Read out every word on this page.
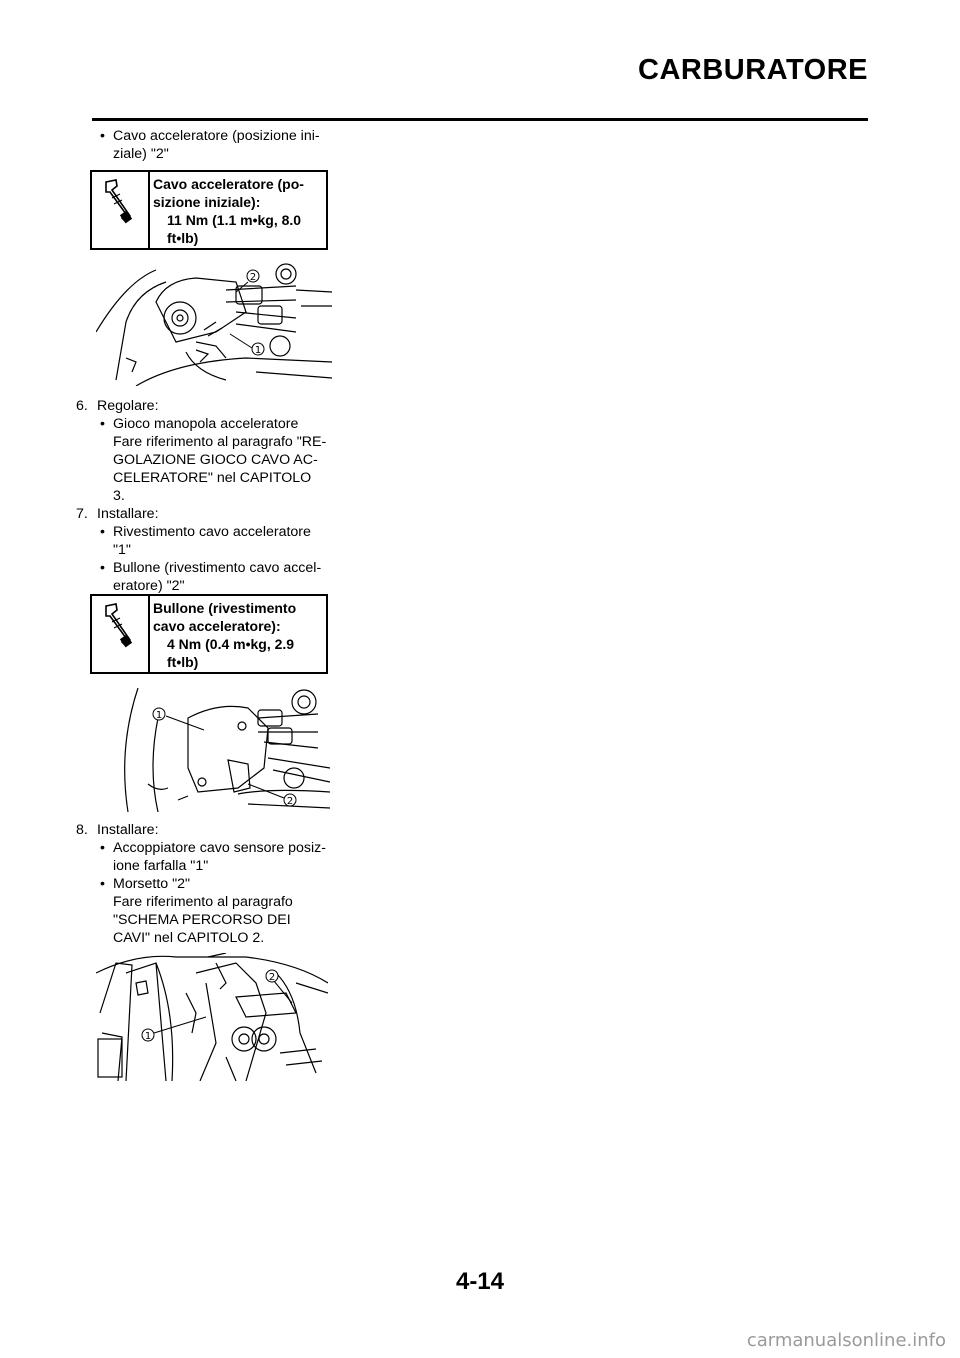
CARBURATORE
• Cavo acceleratore (posizione ini-
ziale) "2"
Cavo acceleratore (po-
sizione iniziale):
11 Nm (1.1 m•kg, 8.0
ft•lb)
2
1
6. Regolare:
• Gioco manopola acceleratore
Fare riferimento al paragrafo "RE-
GOLAZIONE GIOCO CAVO AC-
CELERATORE" nel CAPITOLO
3.
7. Installare:
• Rivestimento cavo acceleratore
"1"
• Bullone (rivestimento cavo accel-
eratore) "2"
Bullone (rivestimento
cavo acceleratore):
4 Nm (0.4 m•kg, 2.9
ft•lb)
1
2
8. Installare:
• Accoppiatore cavo sensore posiz-
ione farfalla "1"
• Morsetto "2"
Fare riferimento al paragrafo
"SCHEMA PERCORSO DEI
CAVI" nel CAPITOLO 2.
2
1
4-14
carmanualsonline.info
